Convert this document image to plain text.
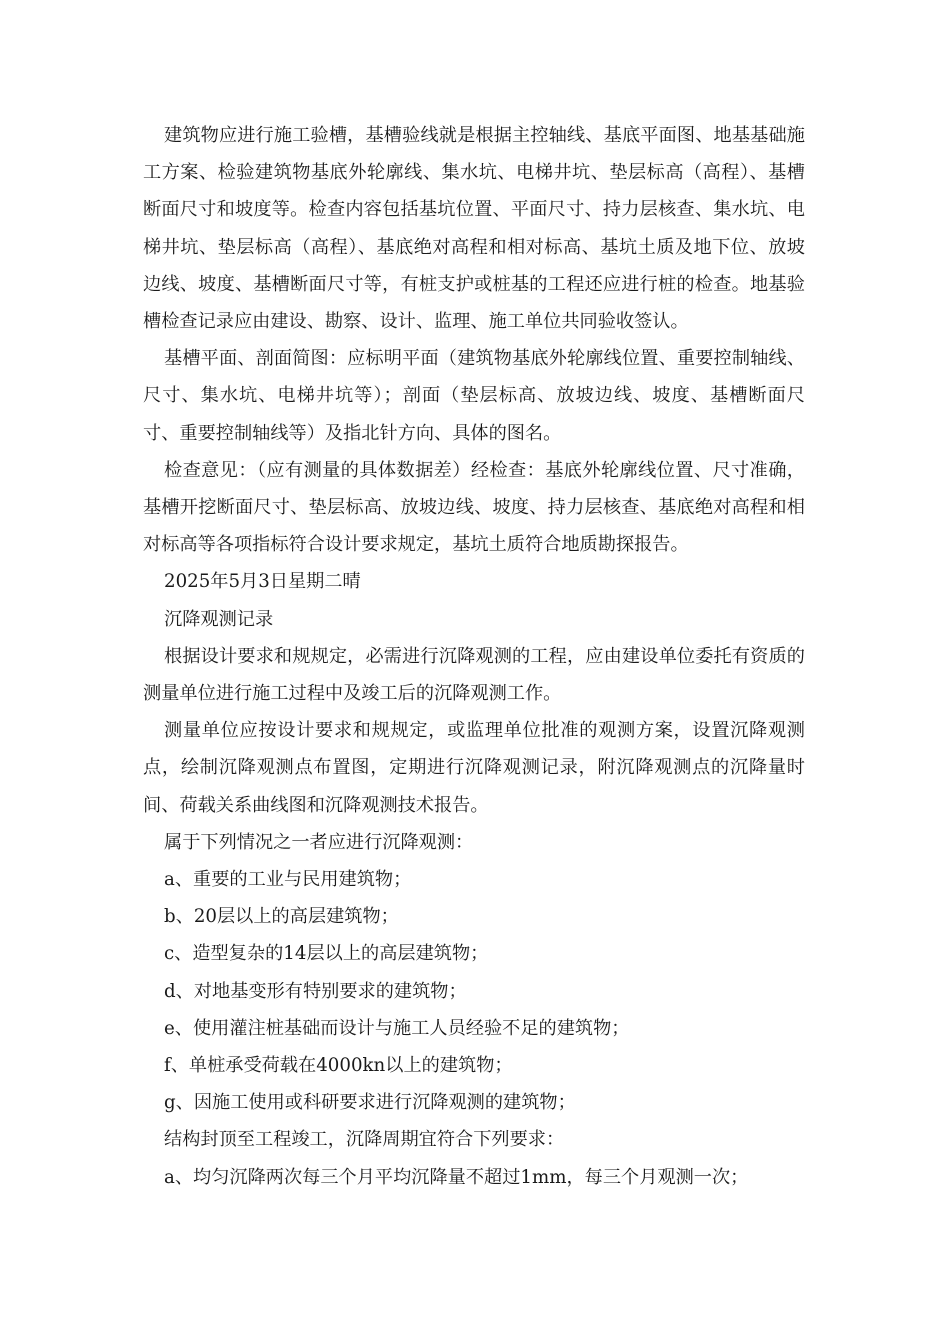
建筑物应进行施工验槽，基槽验线就是根据主控轴线、基底平面图、地基基础施工方案、检验建筑物基底外轮廓线、集水坑、电梯井坑、垫层标高（高程）、基槽断面尺寸和坡度等。检查内容包括基坑位置、平面尺寸、持力层核查、集水坑、电梯井坑、垫层标高（高程）、基底绝对高程和相对标高、基坑土质及地下位、放坡边线、坡度、基槽断面尺寸等，有桩支护或桩基的工程还应进行桩的检查。地基验槽检查记录应由建设、勘察、设计、监理、施工单位共同验收签认。

基槽平面、剖面简图：应标明平面（建筑物基底外轮廓线位置、重要控制轴线、尺寸、集水坑、电梯井坑等）；剖面（垫层标高、放坡边线、坡度、基槽断面尺寸、重要控制轴线等）及指北针方向、具体的图名。

检查意见：（应有测量的具体数据差）经检查：基底外轮廓线位置、尺寸准确，基槽开挖断面尺寸、垫层标高、放坡边线、坡度、持力层核查、基底绝对高程和相对标高等各项指标符合设计要求规定，基坑土质符合地质勘探报告。

2025年5月3日星期二晴

沉降观测记录

根据设计要求和规规定，必需进行沉降观测的工程，应由建设单位委托有资质的测量单位进行施工过程中及竣工后的沉降观测工作。

测量单位应按设计要求和规规定，或监理单位批准的观测方案，设置沉降观测点，绘制沉降观测点布置图，定期进行沉降观测记录，附沉降观测点的沉降量时间、荷载关系曲线图和沉降观测技术报告。

属于下列情况之一者应进行沉降观测：

a、重要的工业与民用建筑物；

b、20层以上的高层建筑物；

c、造型复杂的14层以上的高层建筑物；

d、对地基变形有特别要求的建筑物；

e、使用灌注桩基础而设计与施工人员经验不足的建筑物；

f、单桩承受荷载在4000kn以上的建筑物；

g、因施工使用或科研要求进行沉降观测的建筑物；

结构封顶至工程竣工，沉降周期宜符合下列要求：

a、均匀沉降两次每三个月平均沉降量不超过1mm，每三个月观测一次；
